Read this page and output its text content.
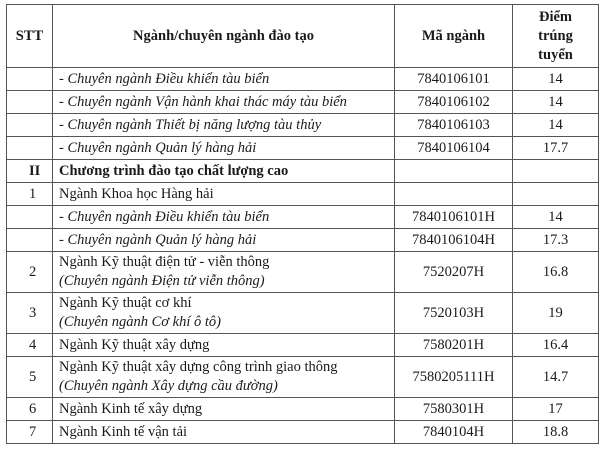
STT	Ngành/chuyên ngành đào tạo	Mã ngành	Điểm
trúng
tuyển

	- Chuyên ngành Điều khiển tàu biển	7840106101	14
	- Chuyên ngành Vận hành khai thác máy tàu biển	7840106102	14
	- Chuyên ngành Thiết bị năng lượng tàu thủy	7840106103	14
	- Chuyên ngành Quản lý hàng hải	7840106104	17.7
II	Chương trình đào tạo chất lượng cao		
1	Ngành Khoa học Hàng hải		
	- Chuyên ngành Điều khiển tàu biển	7840106101H	14
	- Chuyên ngành Quản lý hàng hải	7840106104H	17.3
2	Ngành Kỹ thuật điện tử - viễn thông
(Chuyên ngành Điện tử viễn thông)	7520207H	16.8
3	Ngành Kỹ thuật cơ khí
(Chuyên ngành Cơ khí ô tô)	7520103H	19
4	Ngành Kỹ thuật xây dựng	7580201H	16.4
5	Ngành Kỹ thuật xây dựng công trình giao thông
(Chuyên ngành Xây dựng cầu đường)	7580205111H	14.7
6	Ngành Kinh tế xây dựng	7580301H	17
7	Ngành Kinh tế vận tải	7840104H	18.8
